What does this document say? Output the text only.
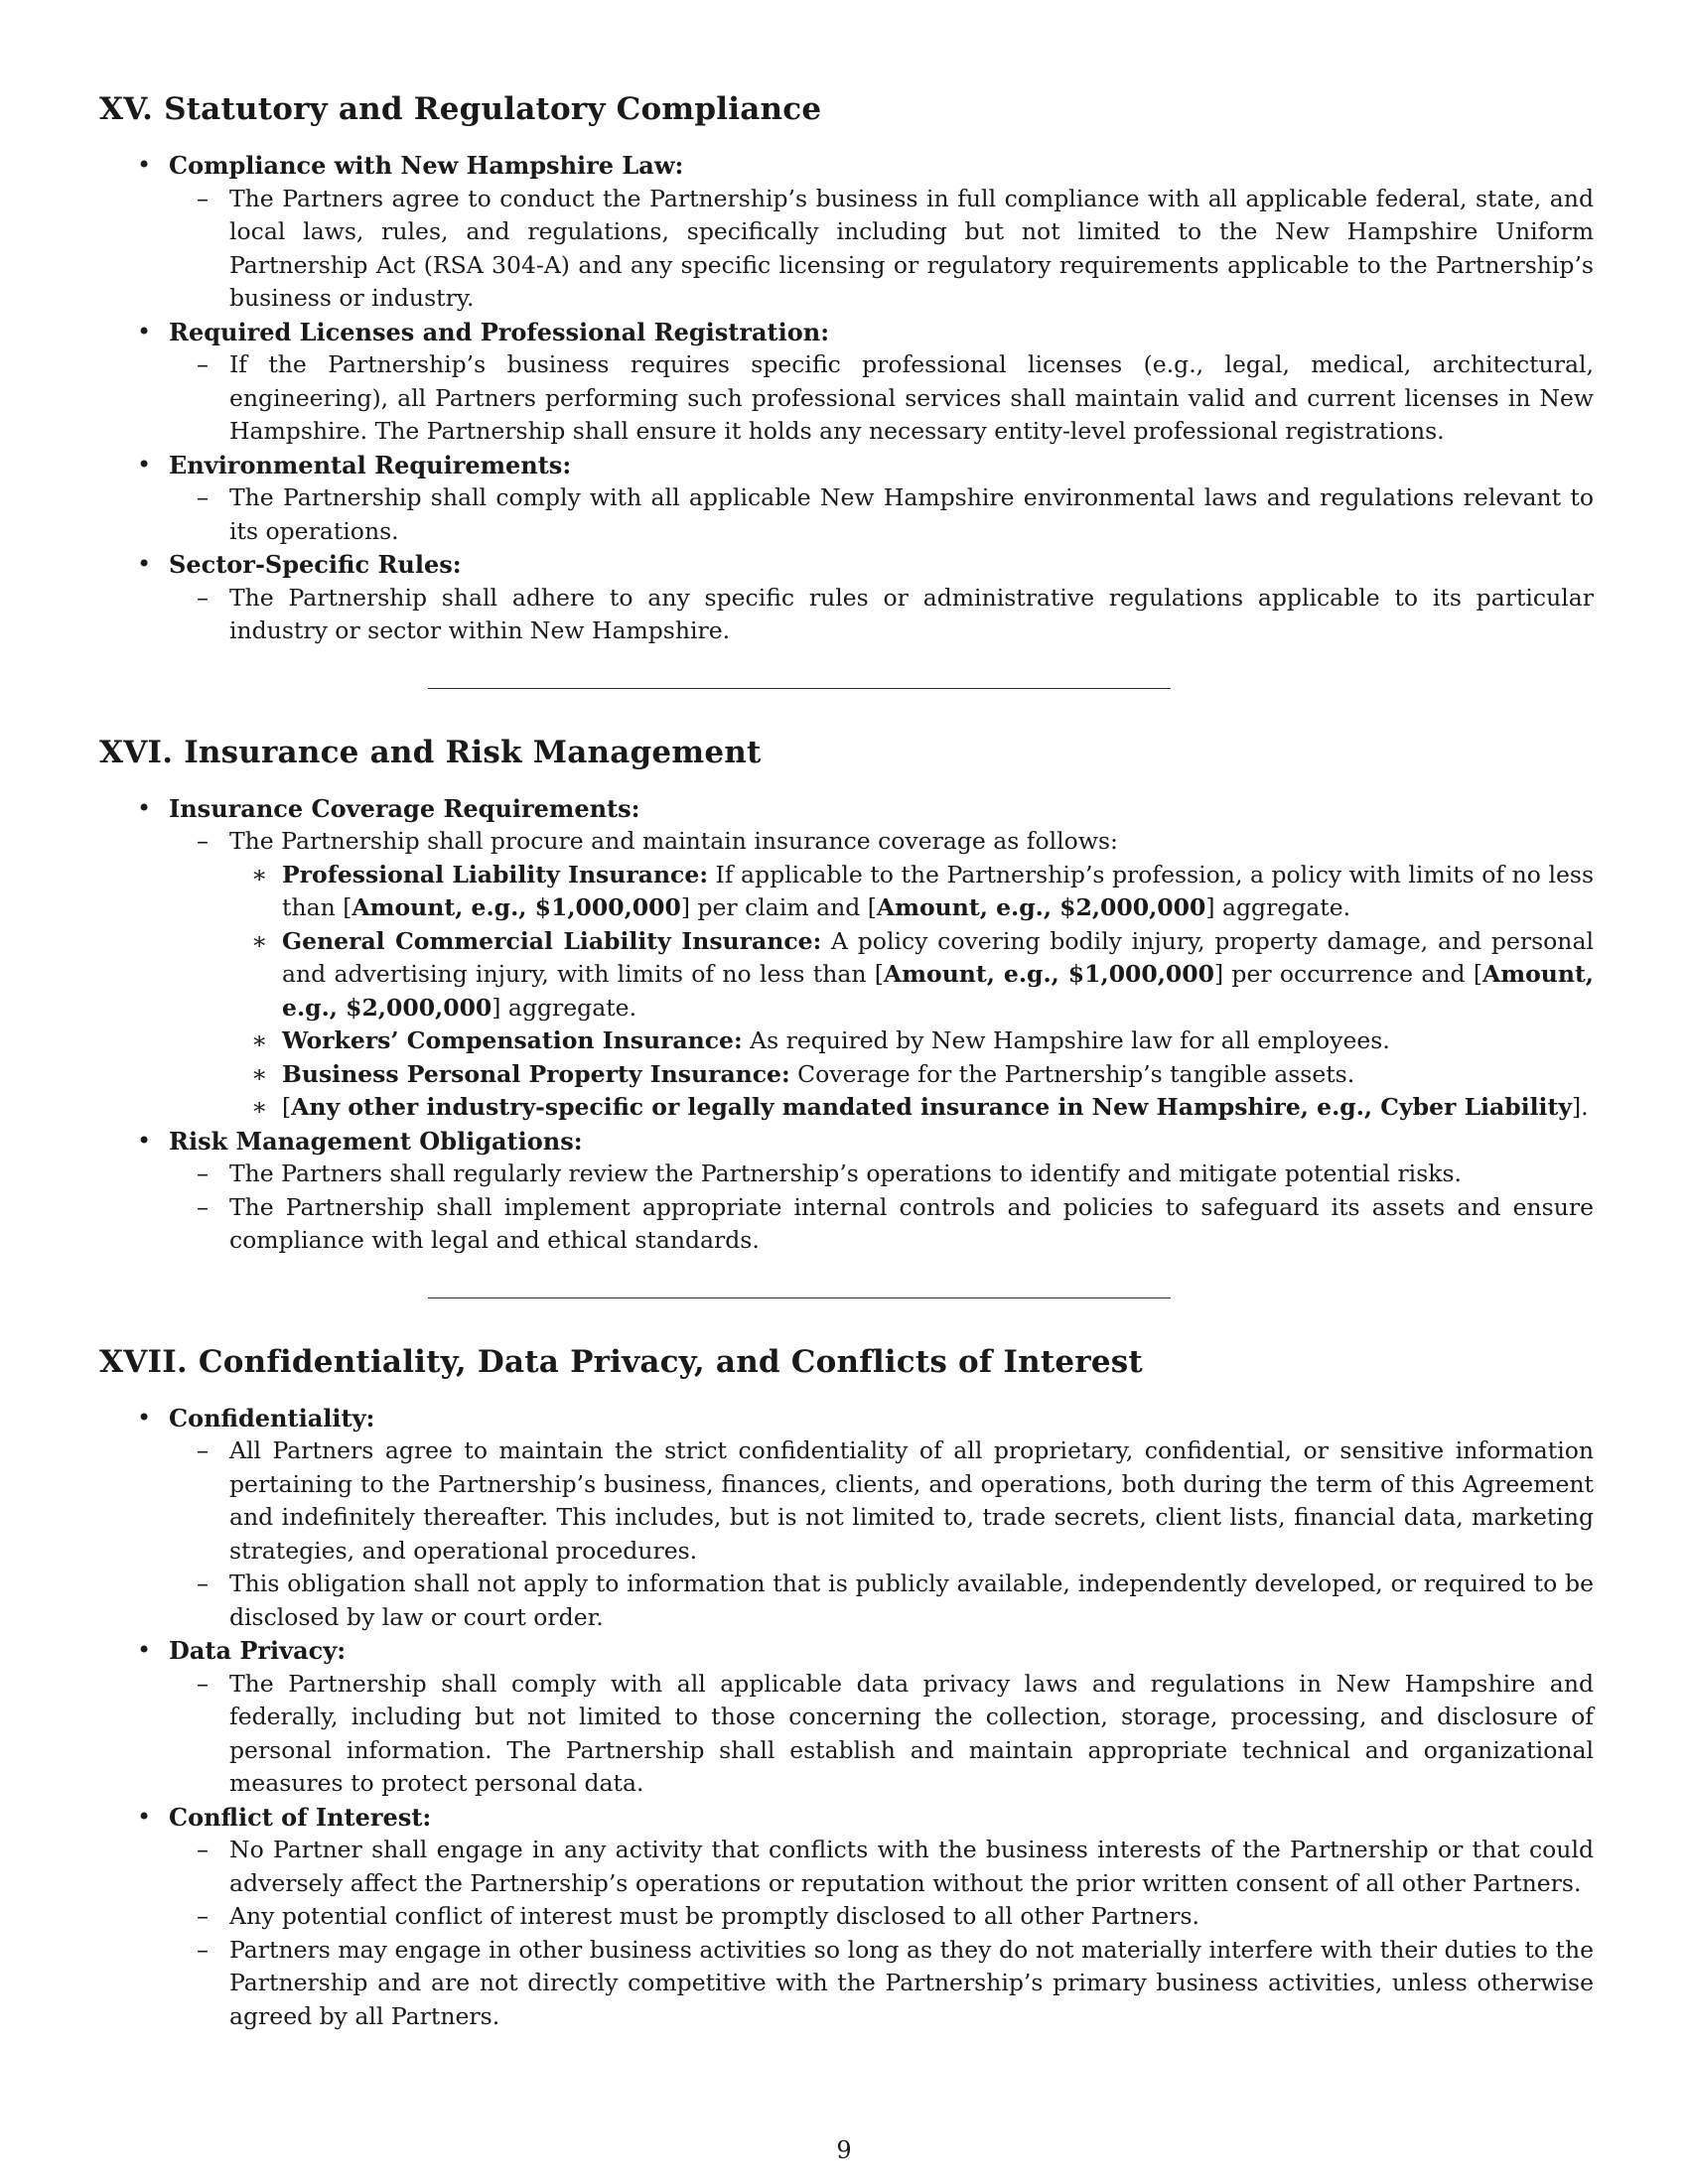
XV. Statutory and Regulatory Compliance
• Compliance with New Hampshire Law:
– The Partners agree to conduct the Partnership’s business in full compliance with all applicable federal, state, and local laws, rules, and regulations, specifically including but not limited to the New Hampshire Uniform Partnership Act (RSA 304-A) and any specific licensing or regulatory requirements applicable to the Partnership’s business or industry.

• Required Licenses and Professional Registration:
– If the Partnership’s business requires specific professional licenses (e.g., legal, medical, architectural, engineering), all Partners performing such professional services shall maintain valid and current licenses in New Hampshire. The Partnership shall ensure it holds any necessary entity-level professional registrations.

• Environmental Requirements:
– The Partnership shall comply with all applicable New Hampshire environmental laws and regulations relevant to its operations.

• Sector-Specific Rules:
– The Partnership shall adhere to any specific rules or administrative regulations applicable to its particular industry or sector within New Hampshire.

XVI. Insurance and Risk Management
• Insurance Coverage Requirements:
– The Partnership shall procure and maintain insurance coverage as follows:

∗ Professional Liability Insurance: If applicable to the Partnership’s profession, a policy with limits of no less than [Amount, e.g., $1,000,000] per claim and [Amount, e.g., $2,000,000] aggregate.

∗ General Commercial Liability Insurance: A policy covering bodily injury, property damage, and personal and advertising injury, with limits of no less than [Amount, e.g., $1,000,000] per occurrence and [Amount, e.g., $2,000,000] aggregate.

∗ Workers’ Compensation Insurance: As required by New Hampshire law for all employees.

∗ Business Personal Property Insurance: Coverage for the Partnership’s tangible assets.

∗ [Any other industry-specific or legally mandated insurance in New Hampshire, e.g., Cyber Liability].

• Risk Management Obligations:
– The Partners shall regularly review the Partnership’s operations to identify and mitigate potential risks.

– The Partnership shall implement appropriate internal controls and policies to safeguard its assets and ensure compliance with legal and ethical standards.

XVII. Confidentiality, Data Privacy, and Conflicts of Interest
• Confidentiality:
– All Partners agree to maintain the strict confidentiality of all proprietary, confidential, or sensitive information pertaining to the Partnership’s business, finances, clients, and operations, both during the term of this Agreement and indefinitely thereafter. This includes, but is not limited to, trade secrets, client lists, financial data, marketing strategies, and operational procedures.

– This obligation shall not apply to information that is publicly available, independently developed, or required to be disclosed by law or court order.

• Data Privacy:
– The Partnership shall comply with all applicable data privacy laws and regulations in New Hampshire and federally, including but not limited to those concerning the collection, storage, processing, and disclosure of personal information. The Partnership shall establish and maintain appropriate technical and organizational measures to protect personal data.

• Conflict of Interest:
– No Partner shall engage in any activity that conflicts with the business interests of the Partnership or that could adversely affect the Partnership’s operations or reputation without the prior written consent of all other Partners.

– Any potential conflict of interest must be promptly disclosed to all other Partners.

– Partners may engage in other business activities so long as they do not materially interfere with their duties to the Partnership and are not directly competitive with the Partnership’s primary business activities, unless otherwise agreed by all Partners.

9
